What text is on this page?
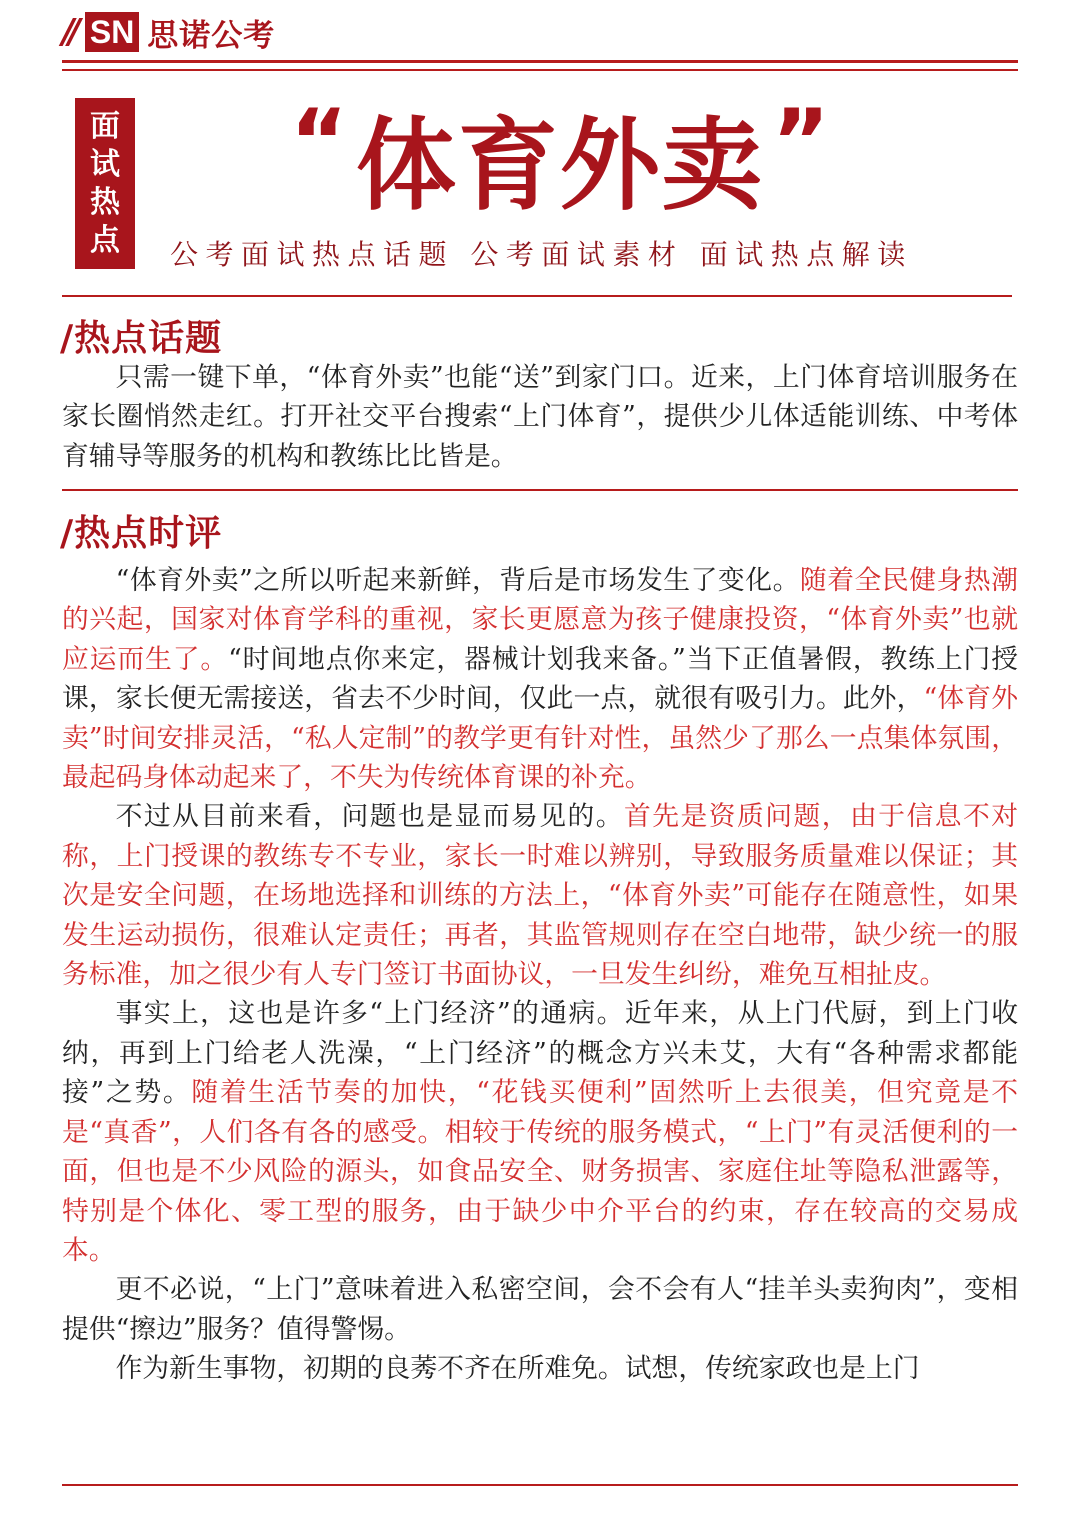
// SN 思诺公考
面
试
热
点
“ 体育外卖 ”
公考面试热点话题 公考面试素材 面试热点解读
/热点话题

只需一键下单，“体育外卖”也能“送”到家门口。近来，上门体育培训服务在家长圈悄然走红。打开社交平台搜索“上门体育”，提供少儿体适能训练、中考体育辅导等服务的机构和教练比比皆是。

/热点时评

“体育外卖”之所以听起来新鲜，背后是市场发生了变化。随着全民健身热潮的兴起，国家对体育学科的重视，家长更愿意为孩子健康投资，“体育外卖”也就应运而生了。“时间地点你来定，器械计划我来备。”当下正值暑假，教练上门授课，家长便无需接送，省去不少时间，仅此一点，就很有吸引力。此外，“体育外卖”时间安排灵活，“私人定制”的教学更有针对性，虽然少了那么一点集体氛围，最起码身体动起来了，不失为传统体育课的补充。

不过从目前来看，问题也是显而易见的。首先是资质问题，由于信息不对称，上门授课的教练专不专业，家长一时难以辨别，导致服务质量难以保证；其次是安全问题，在场地选择和训练的方法上，“体育外卖”可能存在随意性，如果发生运动损伤，很难认定责任；再者，其监管规则存在空白地带，缺少统一的服务标准，加之很少有人专门签订书面协议，一旦发生纠纷，难免互相扯皮。

事实上，这也是许多“上门经济”的通病。近年来，从上门代厨，到上门收纳，再到上门给老人洗澡，“上门经济”的概念方兴未艾，大有“各种需求都能接”之势。随着生活节奏的加快，“花钱买便利”固然听上去很美，但究竟是不是“真香”，人们各有各的感受。相较于传统的服务模式，“上门”有灵活便利的一面，但也是不少风险的源头，如食品安全、财务损害、家庭住址等隐私泄露等，特别是个体化、零工型的服务，由于缺少中介平台的约束，存在较高的交易成本。

更不必说，“上门”意味着进入私密空间，会不会有人“挂羊头卖狗肉”，变相提供“擦边”服务？值得警惕。

作为新生事物，初期的良莠不齐在所难免。试想，传统家政也是上门
